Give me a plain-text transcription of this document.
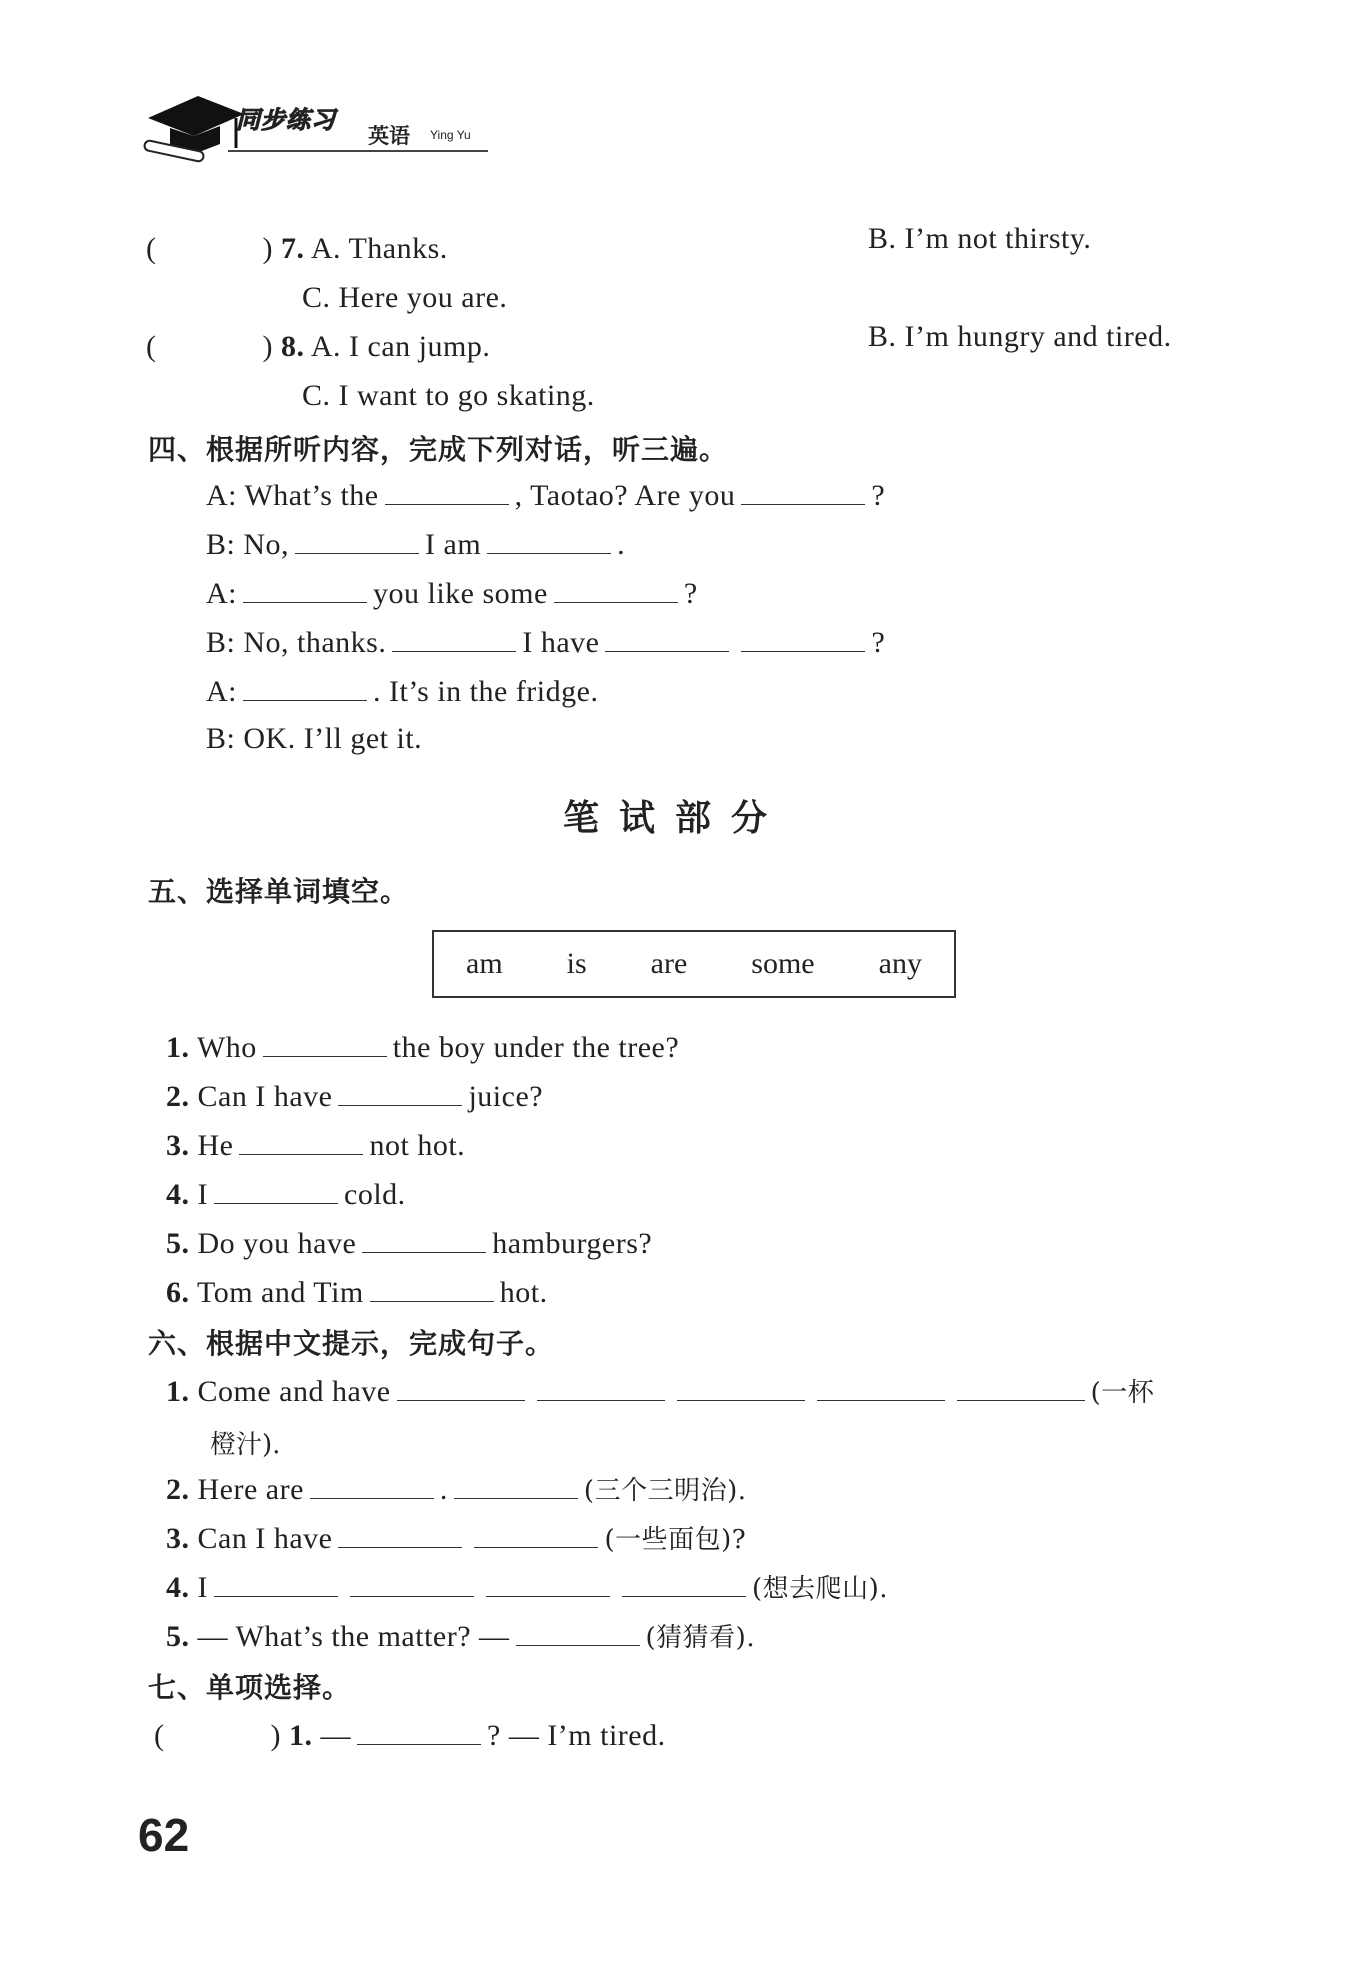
同步练习
英语 Ying Yu
(	) 7. A. Thanks.	B. I’m not thirsty.
C. Here you are.
(	) 8. A. I can jump.	B. I’m hungry and tired.
C. I want to go skating.
四、根据所听内容，完成下列对话，听三遍。
A: What’s the	, Taotao? Are you	?
B: No,	I am	.
A:	you like some	?
B: No, thanks.	I have	?
A:	. It’s in the fridge.
B: OK. I’ll get it.
笔试部分
五、选择单词填空。
am is are some any
1. Who	the boy under the tree?
2. Can I have	juice?
3. He	not hot.
4. I	cold.
5. Do you have	hamburgers?
6. Tom and Tim	hot.
六、根据中文提示，完成句子。
1. Come and have	(一杯
橙汁).
2. Here are	.	(三个三明治).
3. Can I have	(一些面包)?
4. I	(想去爬山).
5. — What’s the matter? —	(猜猜看).
七、单项选择。
(	) 1. —	? — I’m tired.
62
